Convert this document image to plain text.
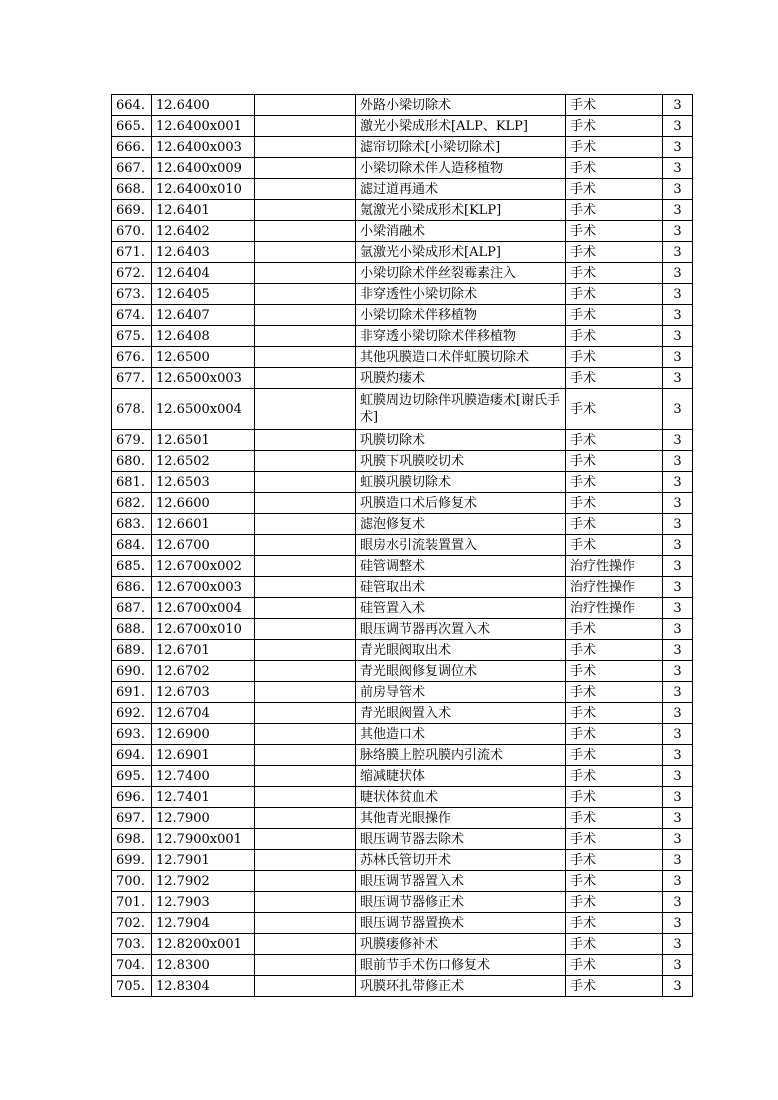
664.	12.6400		外路小梁切除术	手术	3
665.	12.6400x001		激光小梁成形术[ALP、KLP]	手术	3
666.	12.6400x003		滤帘切除术[小梁切除术]	手术	3
667.	12.6400x009		小梁切除术伴人造移植物	手术	3
668.	12.6400x010		滤过道再通术	手术	3
669.	12.6401		氪激光小梁成形术[KLP]	手术	3
670.	12.6402		小梁消融术	手术	3
671.	12.6403		氩激光小梁成形术[ALP]	手术	3
672.	12.6404		小梁切除术伴丝裂霉素注入	手术	3
673.	12.6405		非穿透性小梁切除术	手术	3
674.	12.6407		小梁切除术伴移植物	手术	3
675.	12.6408		非穿透小梁切除术伴移植物	手术	3
676.	12.6500		其他巩膜造口术伴虹膜切除术	手术	3
677.	12.6500x003		巩膜灼瘘术	手术	3
678.	12.6500x004		虹膜周边切除伴巩膜造瘘术[谢氏手术]	手术	3
679.	12.6501		巩膜切除术	手术	3
680.	12.6502		巩膜下巩膜咬切术	手术	3
681.	12.6503		虹膜巩膜切除术	手术	3
682.	12.6600		巩膜造口术后修复术	手术	3
683.	12.6601		滤泡修复术	手术	3
684.	12.6700		眼房水引流装置置入	手术	3
685.	12.6700x002		硅管调整术	治疗性操作	3
686.	12.6700x003		硅管取出术	治疗性操作	3
687.	12.6700x004		硅管置入术	治疗性操作	3
688.	12.6700x010		眼压调节器再次置入术	手术	3
689.	12.6701		青光眼阀取出术	手术	3
690.	12.6702		青光眼阀修复调位术	手术	3
691.	12.6703		前房导管术	手术	3
692.	12.6704		青光眼阀置入术	手术	3
693.	12.6900		其他造口术	手术	3
694.	12.6901		脉络膜上腔巩膜内引流术	手术	3
695.	12.7400		缩减睫状体	手术	3
696.	12.7401		睫状体贫血术	手术	3
697.	12.7900		其他青光眼操作	手术	3
698.	12.7900x001		眼压调节器去除术	手术	3
699.	12.7901		苏林氏管切开术	手术	3
700.	12.7902		眼压调节器置入术	手术	3
701.	12.7903		眼压调节器修正术	手术	3
702.	12.7904		眼压调节器置换术	手术	3
703.	12.8200x001		巩膜瘘修补术	手术	3
704.	12.8300		眼前节手术伤口修复术	手术	3
705.	12.8304		巩膜环扎带修正术	手术	3
